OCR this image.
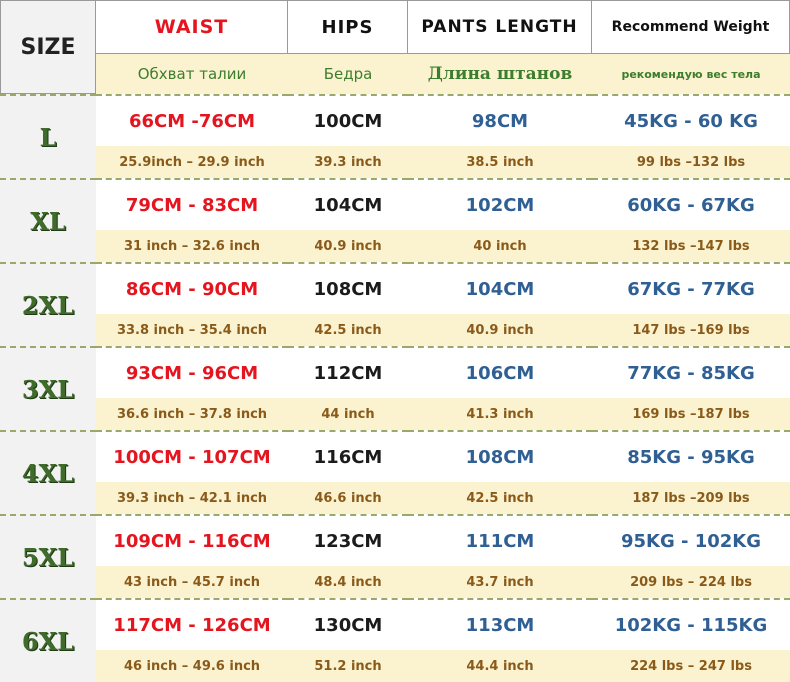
SIZE
WAIST	HIPS	PANTS LENGTH	Recommend Weight
Обхват талии	Бедра	Длина штанов	рекомендую вес тела
L
66CM -76CM	100CM	98CM	45KG - 60 KG
25.9inch – 29.9 inch	39.3 inch	38.5 inch	99 lbs –132 lbs
XL
79CM - 83CM	104CM	102CM	60KG - 67KG
31 inch – 32.6 inch	40.9 inch	40 inch	132 lbs –147 lbs
2XL
86CM - 90CM	108CM	104CM	67KG - 77KG
33.8 inch – 35.4 inch	42.5 inch	40.9 inch	147 lbs –169 lbs
3XL
93CM - 96CM	112CM	106CM	77KG - 85KG
36.6 inch – 37.8 inch	44 inch	41.3 inch	169 lbs –187 lbs
4XL
100CM - 107CM	116CM	108CM	85KG - 95KG
39.3 inch – 42.1 inch	46.6 inch	42.5 inch	187 lbs –209 lbs
5XL
109CM - 116CM	123CM	111CM	95KG - 102KG
43 inch – 45.7 inch	48.4 inch	43.7 inch	209 lbs – 224 lbs
6XL
117CM - 126CM	130CM	113CM	102KG - 115KG
46 inch – 49.6 inch	51.2 inch	44.4 inch	224 lbs – 247 lbs
